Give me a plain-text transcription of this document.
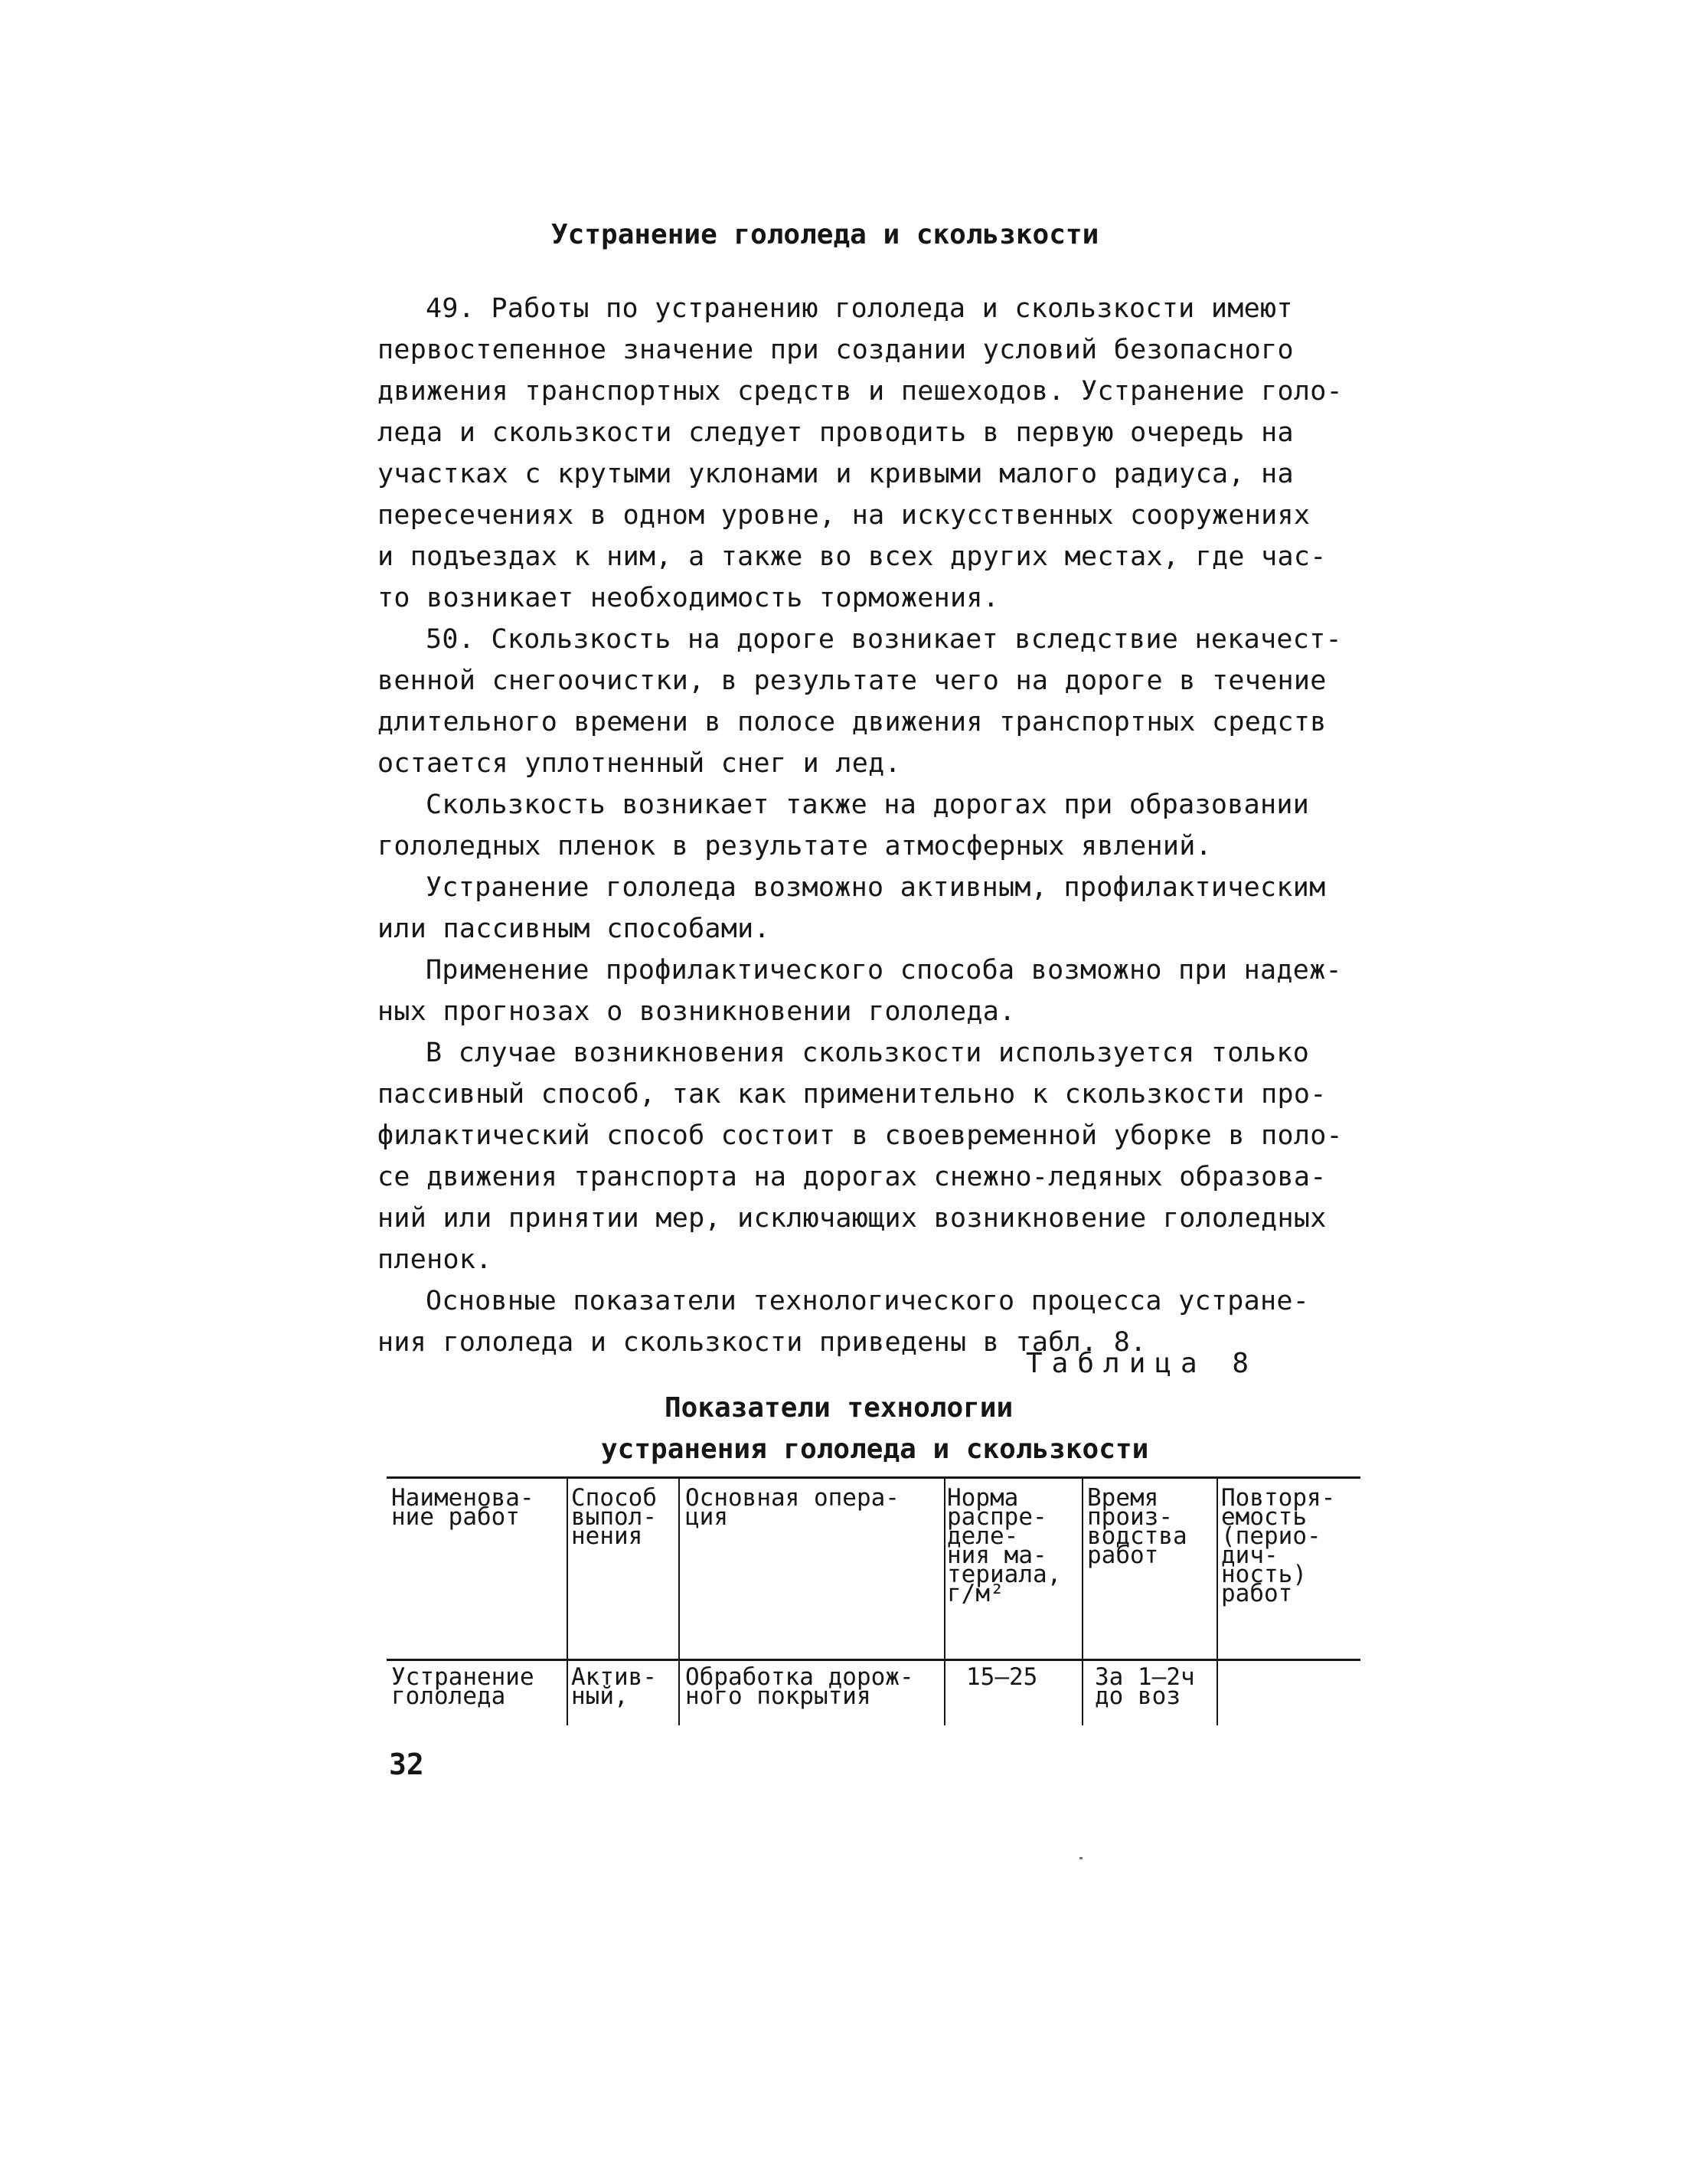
Устранение гололеда и скользкости
49. Работы по устранению гололеда и скользкости имеют
первостепенное значение при создании условий безопасного
движения транспортных средств и пешеходов. Устранение голо-
леда и скользкости следует проводить в первую очередь на
участках с крутыми уклонами и кривыми малого радиуса, на
пересечениях в одном уровне, на искусственных сооружениях
и подъездах к ним, а также во всех других местах, где час-
то возникает необходимость торможения.
50. Скользкость на дороге возникает вследствие некачест-
венной снегоочистки, в результате чего на дороге в течение
длительного времени в полосе движения транспортных средств
остается уплотненный снег и лед.
Скользкость возникает также на дорогах при образовании
гололедных пленок в результате атмосферных явлений.
Устранение гололеда возможно активным, профилактическим
или пассивным способами.
Применение профилактического способа возможно при надеж-
ных прогнозах о возникновении гололеда.
В случае возникновения скользкости используется только
пассивный способ, так как применительно к скользкости про-
филактический способ состоит в своевременной уборке в поло-
се движения транспорта на дорогах снежно-ледяных образова-
ний или принятии мер, исключающих возникновение гололедных
пленок.
Основные показатели технологического процесса устране-
ния гололеда и скользкости приведены в табл. 8.
Таблица 8
Показатели технологии
устранения гололеда и скользкости
Наименова-
ние работ
Способ
выпол-
нения
Основная опера-
ция
Норма
распре-
деле-
ния ма-
териала,
г/м²
Время
произ-
водства
работ
Повторя-
емость
(перио-
дич-
ность)
работ
Устранение
гололеда
Актив-
ный,
Обработка дорож-
ного покрытия
15–25 За 1–2ч
до воз
32
